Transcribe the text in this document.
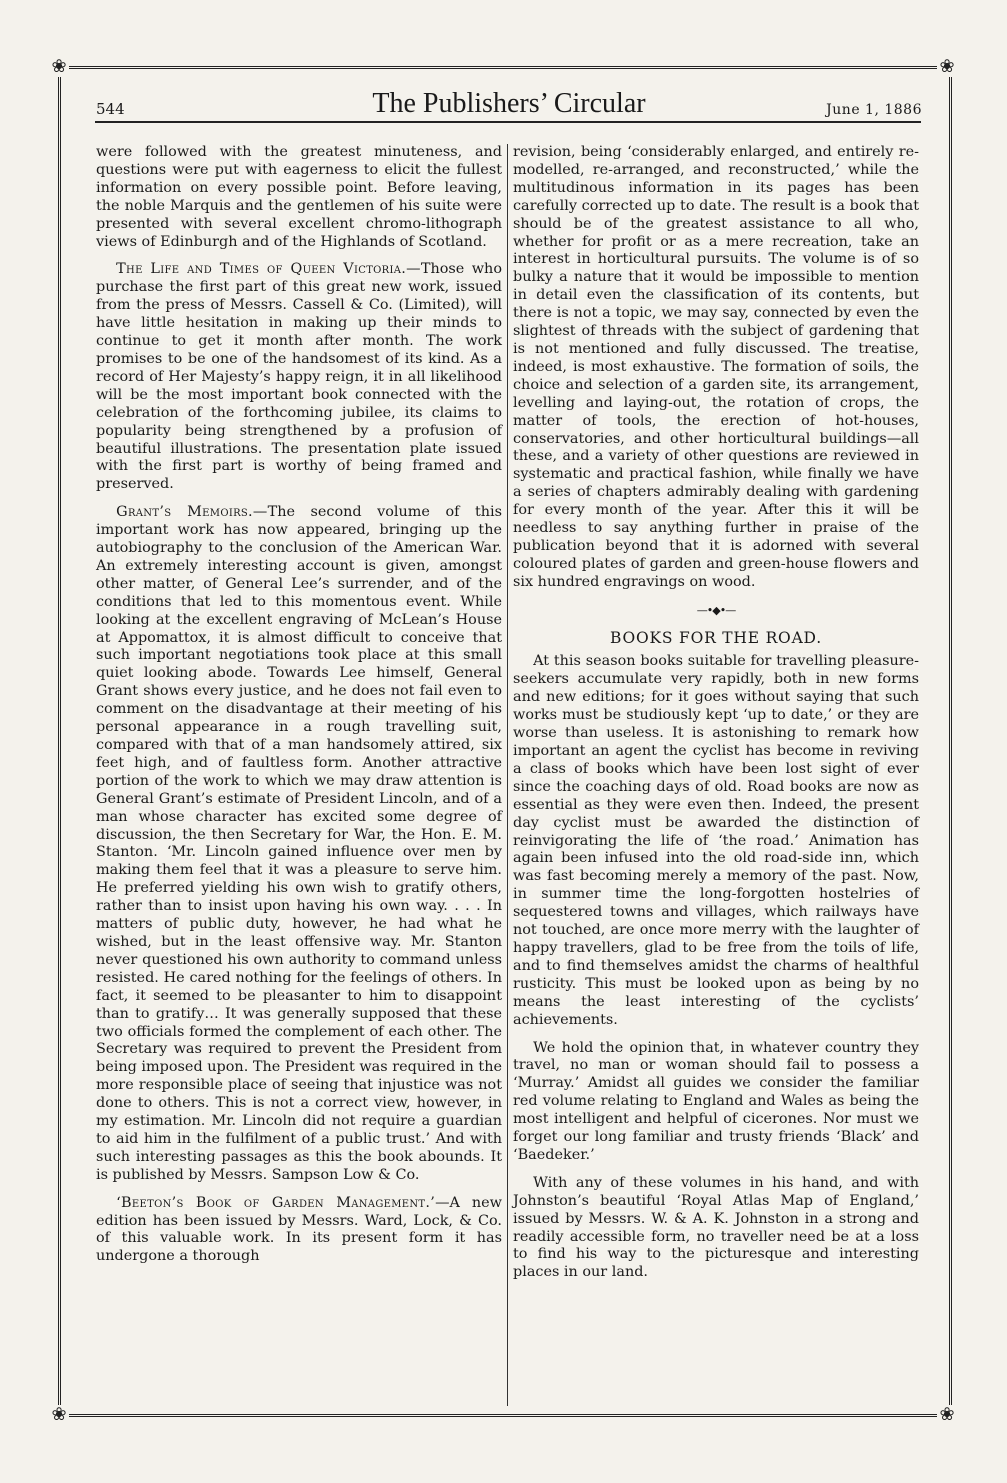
❀	❀
❀	❀
544	The Publishers’ Circular	June 1, 1886

were followed with the greatest minuteness, and questions were put with eagerness to elicit the fullest information on every possible point. Before leaving, the noble Marquis and the gentlemen of his suite were presented with several excellent chromo-lithograph views of Edinburgh and of the Highlands of Scotland.

The Life and Times of Queen Victoria.—Those who purchase the first part of this great new work, issued from the press of Messrs. Cassell & Co. (Limited), will have little hesitation in making up their minds to continue to get it month after month. The work promises to be one of the handsomest of its kind. As a record of Her Majesty’s happy reign, it in all likelihood will be the most important book connected with the celebration of the forthcoming jubilee, its claims to popularity being strengthened by a profusion of beautiful illustrations. The presentation plate issued with the first part is worthy of being framed and preserved.

Grant’s Memoirs.—The second volume of this important work has now appeared, bringing up the autobiography to the conclusion of the American War. An extremely interesting account is given, amongst other matter, of General Lee’s surrender, and of the conditions that led to this momentous event. While looking at the excellent engraving of McLean’s House at Appomattox, it is almost difficult to conceive that such important negotiations took place at this small quiet looking abode. Towards Lee himself, General Grant shows every justice, and he does not fail even to comment on the disadvantage at their meeting of his personal appearance in a rough travelling suit, compared with that of a man handsomely attired, six feet high, and of faultless form. Another attractive portion of the work to which we may draw attention is General Grant’s estimate of President Lincoln, and of a man whose character has excited some degree of discussion, the then Secretary for War, the Hon. E. M. Stanton. ‘Mr. Lincoln gained influence over men by making them feel that it was a pleasure to serve him. He preferred yielding his own wish to gratify others, rather than to insist upon having his own way. . . . In matters of public duty, however, he had what he wished, but in the least offensive way. Mr. Stanton never questioned his own authority to command unless resisted. He cared nothing for the feelings of others. In fact, it seemed to be pleasanter to him to disappoint than to gratify… It was generally supposed that these two officials formed the complement of each other. The Secretary was required to prevent the President from being imposed upon. The President was required in the more responsible place of seeing that injustice was not done to others. This is not a correct view, however, in my estimation. Mr. Lincoln did not require a guardian to aid him in the fulfilment of a public trust.’ And with such interesting passages as this the book abounds. It is published by Messrs. Sampson Low & Co.

‘Beeton’s Book of Garden Management.’—A new edition has been issued by Messrs. Ward, Lock, & Co. of this valuable work. In its present form it has undergone a thorough

revision, being ‘considerably enlarged, and entirely re-modelled, re-arranged, and reconstructed,’ while the multitudinous information in its pages has been carefully corrected up to date. The result is a book that should be of the greatest assistance to all who, whether for profit or as a mere recreation, take an interest in horticultural pursuits. The volume is of so bulky a nature that it would be impossible to mention in detail even the classification of its contents, but there is not a topic, we may say, connected by even the slightest of threads with the subject of gardening that is not mentioned and fully discussed. The treatise, indeed, is most exhaustive. The formation of soils, the choice and selection of a garden site, its arrangement, levelling and laying-out, the rotation of crops, the matter of tools, the erection of hot-houses, conservatories, and other horticultural buildings—all these, and a variety of other questions are reviewed in systematic and practical fashion, while finally we have a series of chapters admirably dealing with gardening for every month of the year. After this it will be needless to say anything further in praise of the publication beyond that it is adorned with several coloured plates of garden and green-house flowers and six hundred engravings on wood.

—•◆•—
BOOKS FOR THE ROAD.

At this season books suitable for travelling pleasure-seekers accumulate very rapidly, both in new forms and new editions; for it goes without saying that such works must be studiously kept ‘up to date,’ or they are worse than useless. It is astonishing to remark how important an agent the cyclist has become in reviving a class of books which have been lost sight of ever since the coaching days of old. Road books are now as essential as they were even then. Indeed, the present day cyclist must be awarded the distinction of reinvigorating the life of ‘the road.’ Animation has again been infused into the old road-side inn, which was fast becoming merely a memory of the past. Now, in summer time the long-forgotten hostelries of sequestered towns and villages, which railways have not touched, are once more merry with the laughter of happy travellers, glad to be free from the toils of life, and to find themselves amidst the charms of healthful rusticity. This must be looked upon as being by no means the least interesting of the cyclists’ achievements.

We hold the opinion that, in whatever country they travel, no man or woman should fail to possess a ‘Murray.’ Amidst all guides we consider the familiar red volume relating to England and Wales as being the most intelligent and helpful of cicerones. Nor must we forget our long familiar and trusty friends ‘Black’ and ‘Baedeker.’

With any of these volumes in his hand, and with Johnston’s beautiful ‘Royal Atlas Map of England,’ issued by Messrs. W. & A. K. Johnston in a strong and readily accessible form, no traveller need be at a loss to find his way to the picturesque and interesting places in our land.
